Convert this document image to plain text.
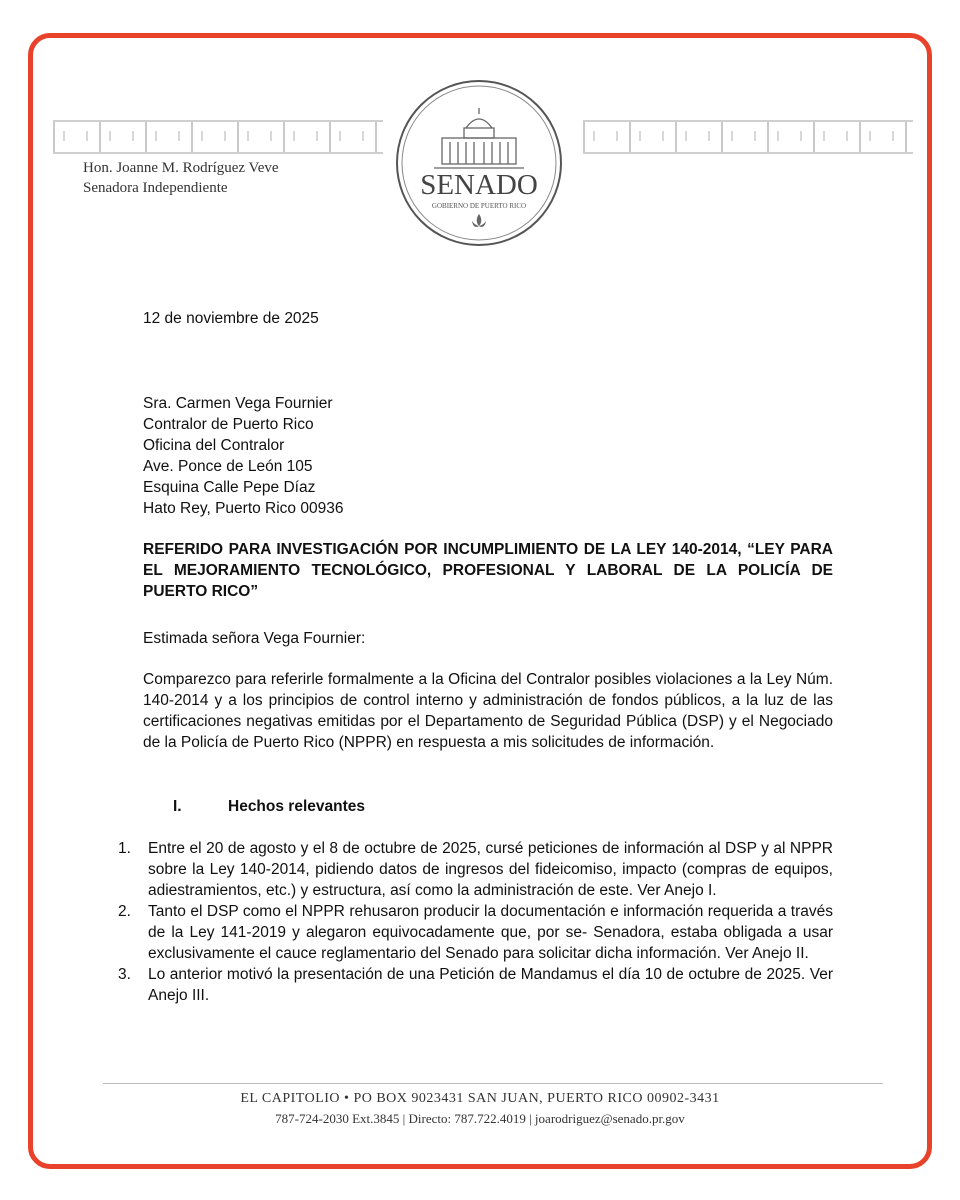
Hon. Joanne M. Rodríguez Veve
Senadora Independiente	SENADO
GOBIERNO DE PUERTO RICO
12 de noviembre de 2025
Sra. Carmen Vega Fournier
Contralor de Puerto Rico
Oficina del Contralor
Ave. Ponce de León 105
Esquina Calle Pepe Díaz
Hato Rey, Puerto Rico 00936
REFERIDO PARA INVESTIGACIÓN POR INCUMPLIMIENTO DE LA LEY 140-2014, “LEY PARA EL MEJORAMIENTO TECNOLÓGICO, PROFESIONAL Y LABORAL DE LA POLICÍA DE PUERTO RICO”
Estimada señora Vega Fournier:
Comparezco para referirle formalmente a la Oficina del Contralor posibles violaciones a la Ley Núm. 140-2014 y a los principios de control interno y administración de fondos públicos, a la luz de las certificaciones negativas emitidas por el Departamento de Seguridad Pública (DSP) y el Negociado de la Policía de Puerto Rico (NPPR) en respuesta a mis solicitudes de información.
I.	Hechos relevantes
1. Entre el 20 de agosto y el 8 de octubre de 2025, cursé peticiones de información al DSP y al NPPR sobre la Ley 140-2014, pidiendo datos de ingresos del fideicomiso, impacto (compras de equipos, adiestramientos, etc.) y estructura, así como la administración de este. Ver Anejo I.
2. Tanto el DSP como el NPPR rehusaron producir la documentación e información requerida a través de la Ley 141-2019 y alegaron equivocadamente que, por se- Senadora, estaba obligada a usar exclusivamente el cauce reglamentario del Senado para solicitar dicha información. Ver Anejo II.
3. Lo anterior motivó la presentación de una Petición de Mandamus el día 10 de octubre de 2025. Ver Anejo III.
EL CAPITOLIO • PO BOX 9023431 SAN JUAN, PUERTO RICO 00902-3431
787-724-2030 Ext.3845 | Directo: 787.722.4019 | joarodriguez@senado.pr.gov
